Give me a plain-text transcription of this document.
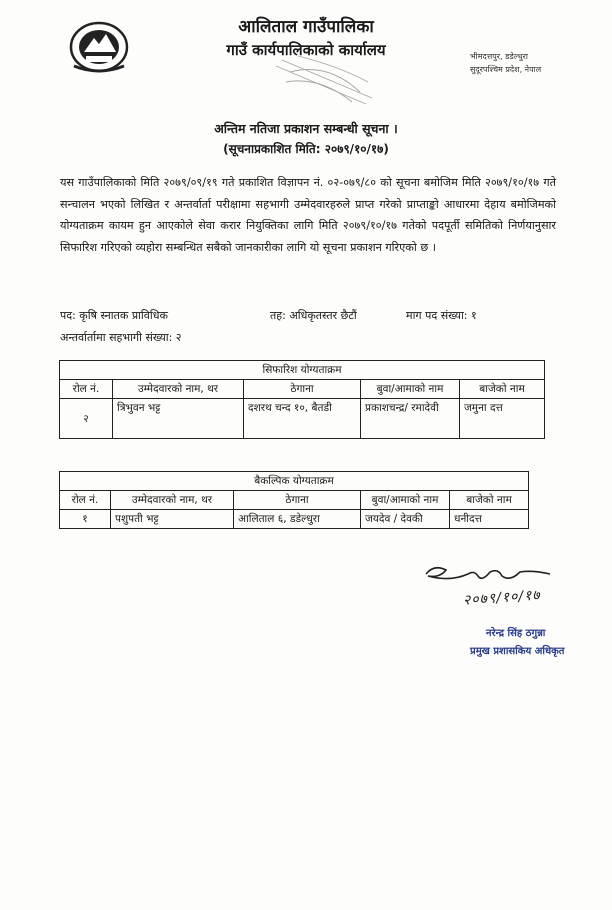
आलिताल गाउँपालिका
गाउँ कार्यपालिकाको कार्यालय	भीमदत्तपुर, डडेल्धुरा
सुदूरपश्चिम प्रदेश, नेपाल
अन्तिम नतिजा प्रकाशन सम्बन्धी सूचना ।
(सूचनाप्रकाशित मिति: २०७९/१०/१७)
यस गाउँपालिकाको मिति २०७९/०९/१९ गते प्रकाशित विज्ञापन नं. ०२-०७९/८० को सूचना बमोजिम मिति २०७९/१०/१७ गते सन्चालन भएको लिखित र अन्तर्वार्ता परीक्षामा सहभागी उम्मेदवारहरुले प्राप्त गरेको प्राप्ताङ्को आधारमा देहाय बमोजिमको योग्यताक्रम कायम हुन आएकोले सेवा करार नियुक्तिका लागि मिति २०७९/१०/१७ गतेको पदपूर्ती समितिको निर्णयानुसार सिफारिश गरिएको व्यहोरा सम्बन्धित सबैको जानकारीका लागि यो सूचना प्रकाशन गरिएको छ ।
पद: कृषि स्नातक प्राविधिक	तह: अधिकृतस्तर छैटौं	माग पद संख्या: १
अन्तर्वार्तामा सहभागी संख्या: २
सिफारिश योग्यताक्रम				
रोल नं.	उम्मेदवारको नाम, थर	ठेगाना	बुवा/आमाको नाम	बाजेको नाम
२	त्रिभुवन भट्ट	दशरथ चन्द १०, बैतडी	प्रकाशचन्द्र/ रमादेवी	जमुना दत्त
बैकल्पिक योग्यताक्रम				
रोल नं.	उम्मेदवारको नाम, थर	ठेगाना	बुवा/आमाको नाम	बाजेको नाम
१	पशुपती भट्ट	आलिताल ६, डडेल्धुरा	जयदेव / देवकी	धनीदत्त
२०७९/१०/१७
नरेन्द्र सिंह ठगुन्ना
प्रमुख प्रशासकिय अधिकृत
